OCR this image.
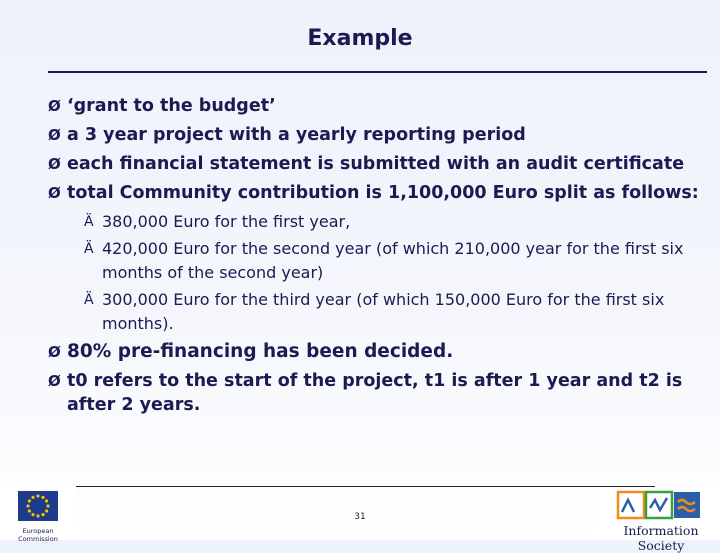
Example
Ø ‘grant to the budget’
Ø a 3 year project with a yearly reporting period
Ø each financial statement is submitted with an audit certificate
Ø total Community contribution is 1,100,000 Euro split as follows:
Ä 380,000 Euro for the first year,
Ä 420,000 Euro for the second year (of which 210,000 year for the first six months of the second year)
Ä 300,000 Euro for the third year (of which 150,000 Euro for the first six months).
Ø 80% pre-financing has been decided.
Ø t0 refers to the start of the project, t1 is after 1 year and t2 is after 2 years.
31
European Commission
Information Society
